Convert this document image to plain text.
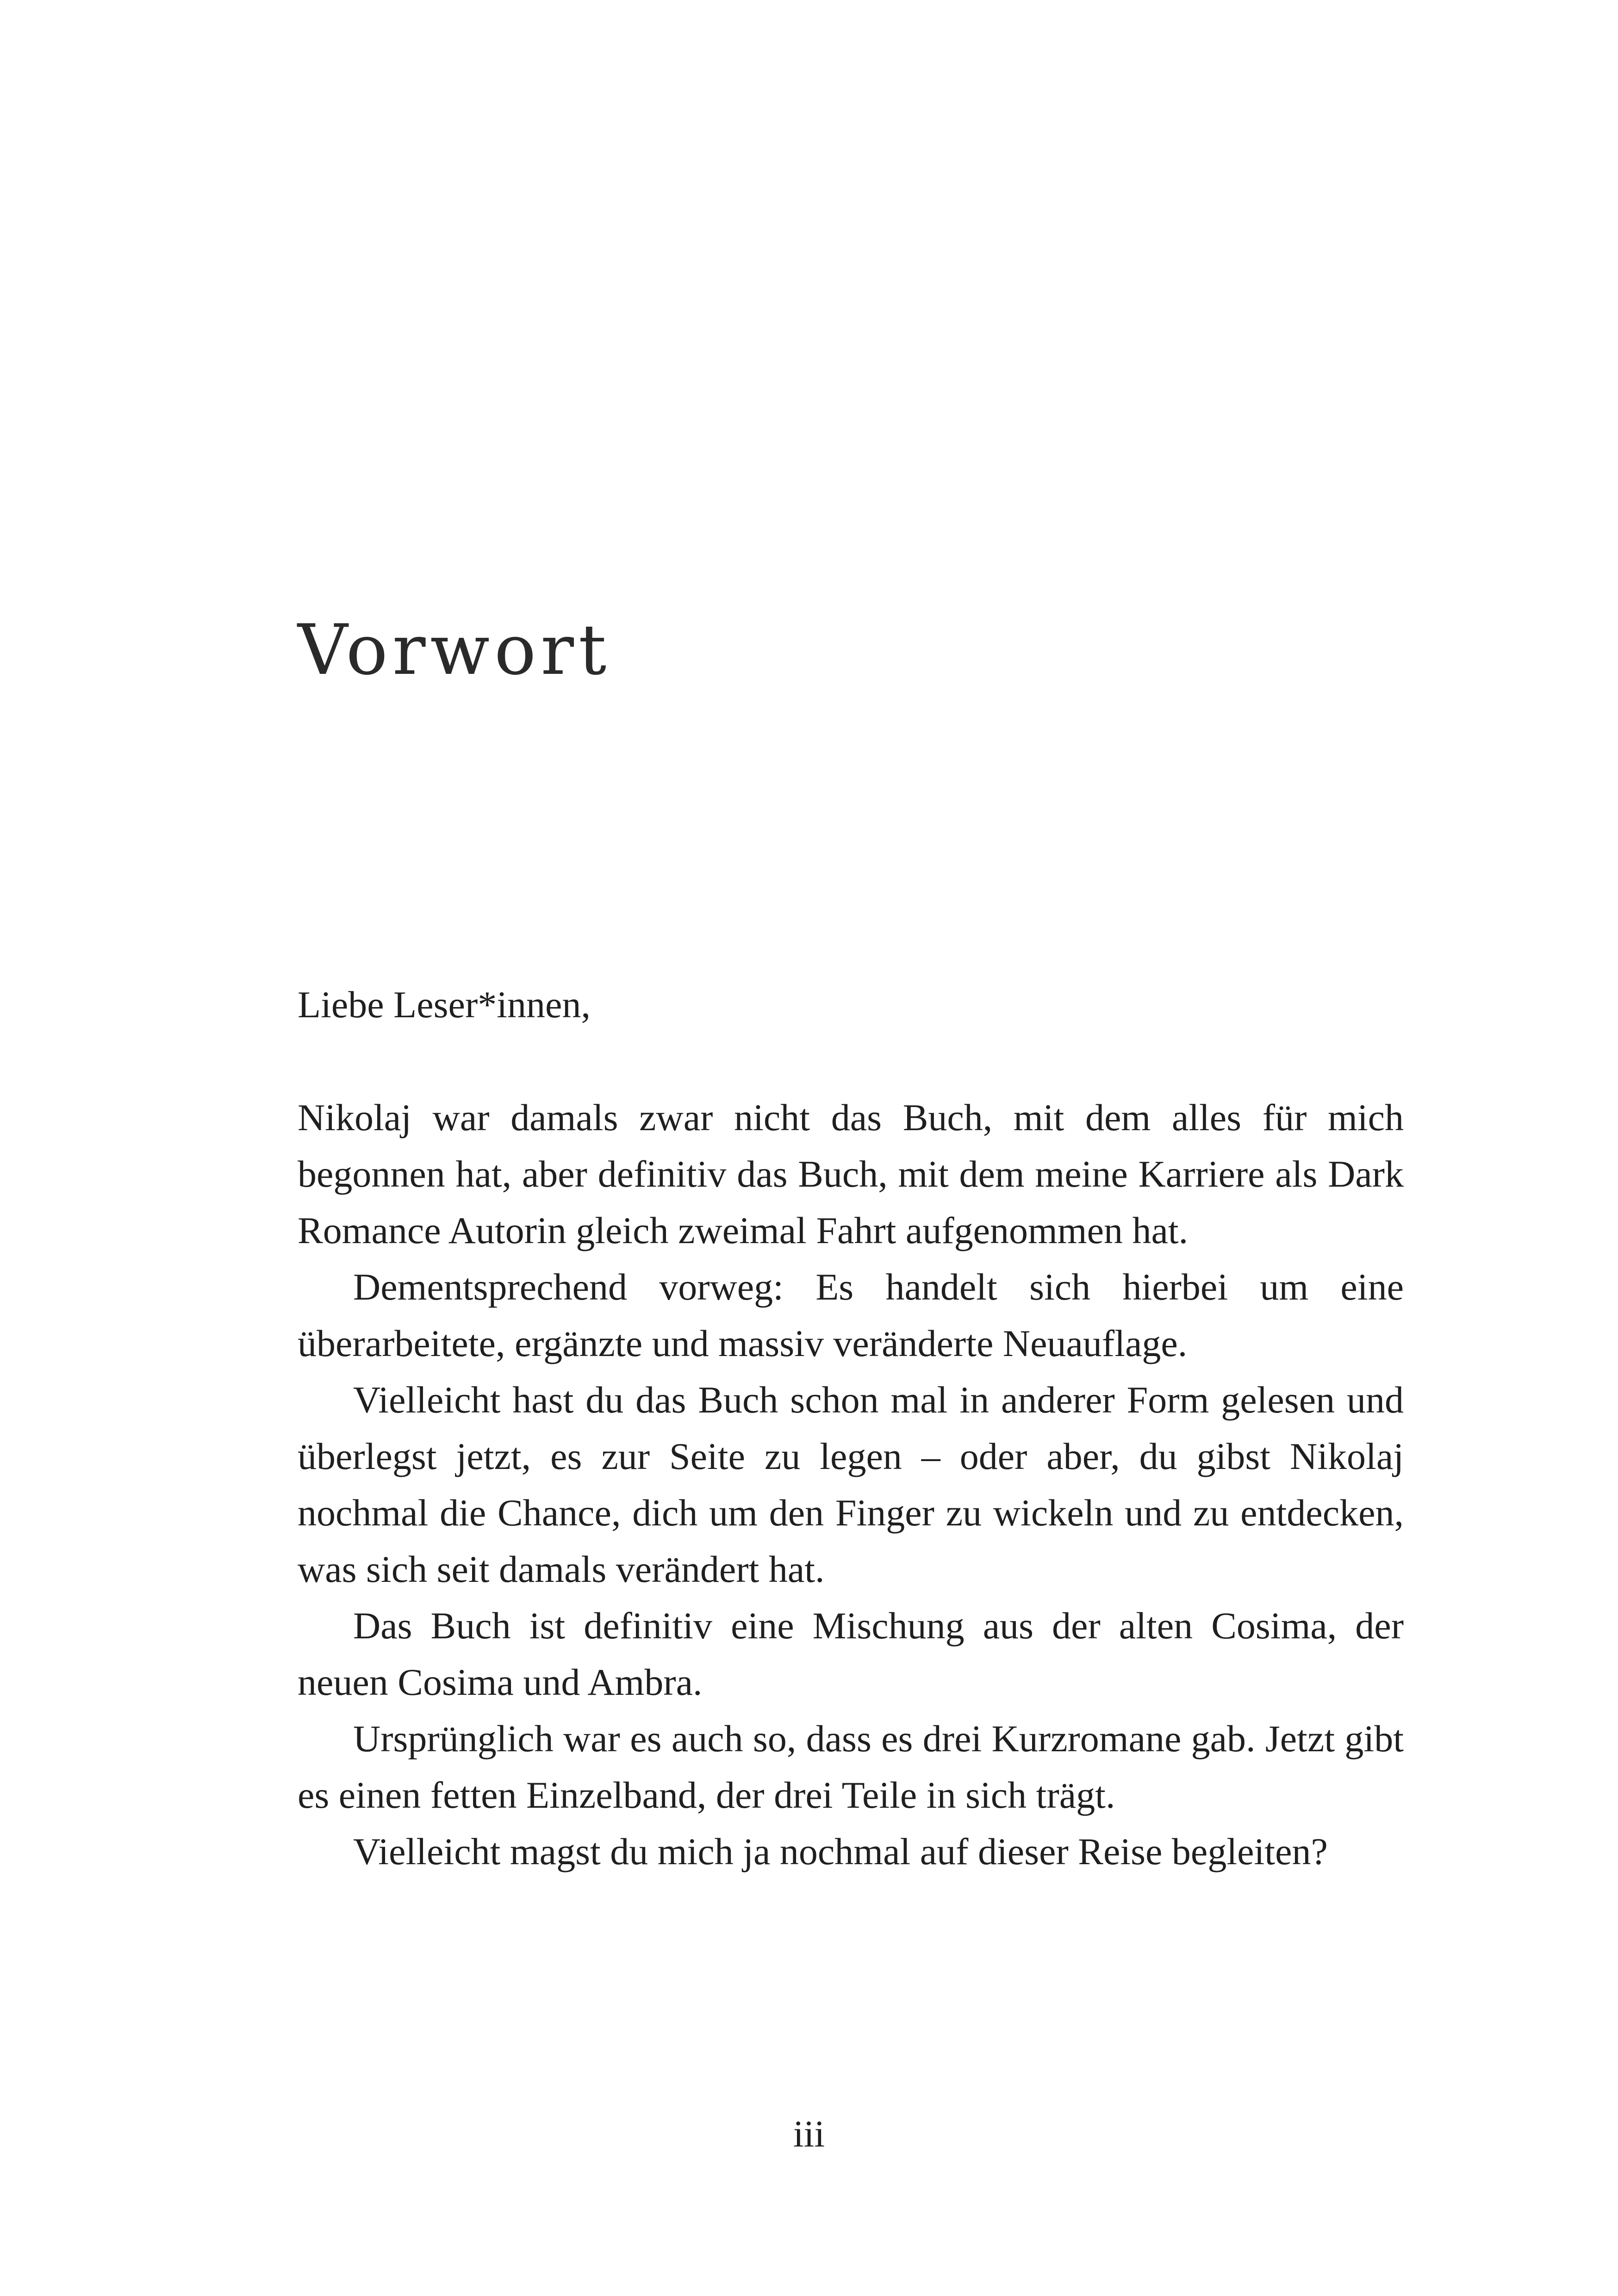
Vorwort

Liebe Leser*innen,

Nikolaj war damals zwar nicht das Buch, mit dem alles für mich begonnen hat, aber definitiv das Buch, mit dem meine Karriere als Dark Romance Autorin gleich zweimal Fahrt aufgenommen hat.

Dementsprechend vorweg: Es handelt sich hierbei um eine überarbeitete, ergänzte und massiv veränderte Neuauflage.

Vielleicht hast du das Buch schon mal in anderer Form gelesen und überlegst jetzt, es zur Seite zu legen – oder aber, du gibst Nikolaj nochmal die Chance, dich um den Finger zu wickeln und zu entdecken, was sich seit damals verändert hat.

Das Buch ist definitiv eine Mischung aus der alten Cosima, der neuen Cosima und Ambra.

Ursprünglich war es auch so, dass es drei Kurzromane gab. Jetzt gibt es einen fetten Einzelband, der drei Teile in sich trägt.

Vielleicht magst du mich ja nochmal auf dieser Reise begleiten?

iii
